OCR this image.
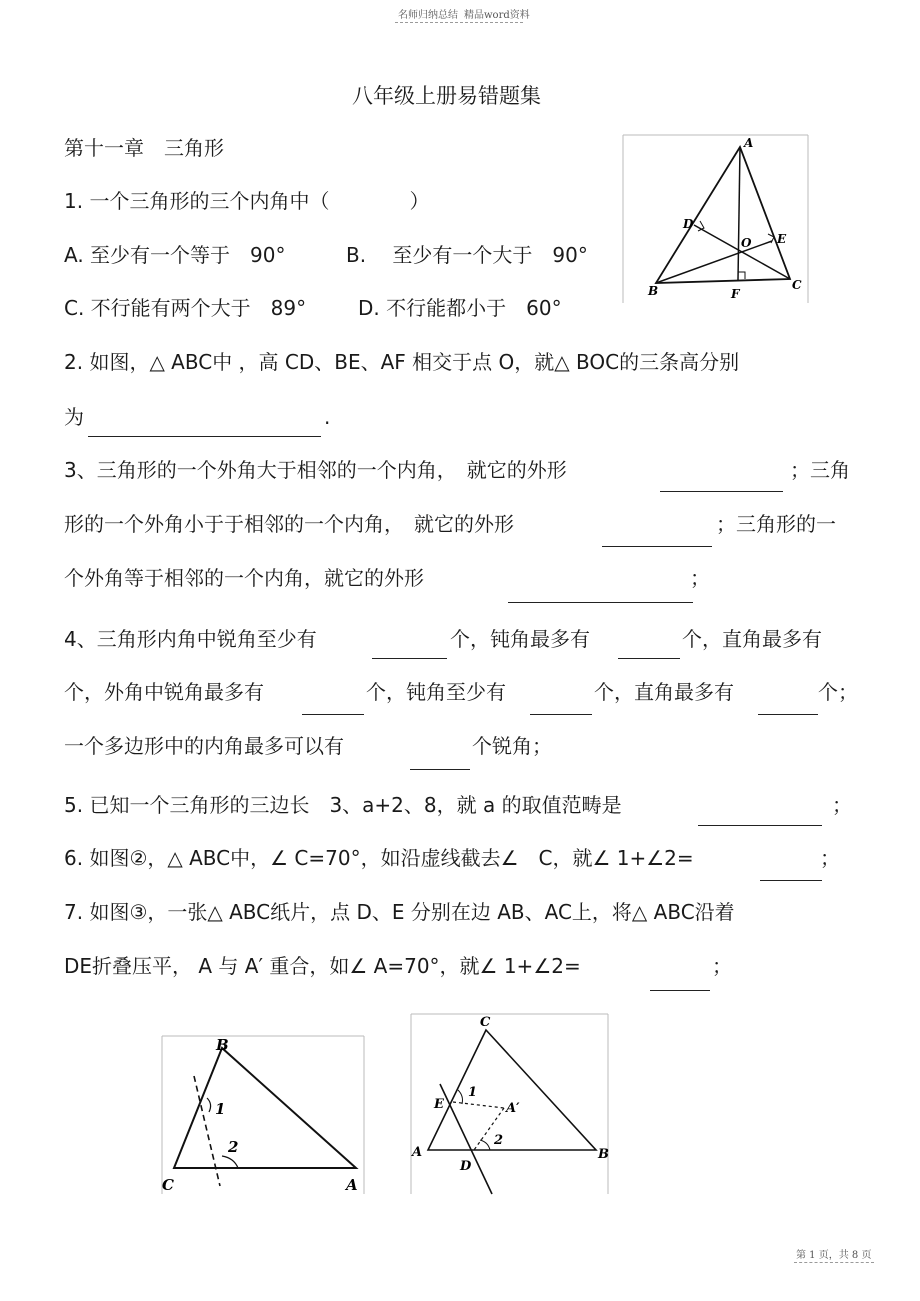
名师归纳总结 精品word资料
八年级上册易错题集
第十一章　三角形
1. 一个三角形的三个内角中（　　　　）
A. 至少有一个等于　90°	B.　 至少有一个大于　90°
C. 不行能有两个大于　89°	D. 不行能都小于　60°
A
B	C
D
E
F
O
2. 如图，△ ABC中 ，高 CD、BE、AF 相交于点 O，就△ BOC的三条高分别
为	.
3、三角形的一个外角大于相邻的一个内角，　就它的外形	；三角
形的一个外角小于于相邻的一个内角，　就它的外形	；三角形的一
个外角等于相邻的一个内角，就它的外形	；
4、三角形内角中锐角至少有	个，钝角最多有	个，直角最多有
个，外角中锐角最多有	个，钝角至少有	个，直角最多有	个；
一个多边形中的内角最多可以有	个锐角；
5. 已知一个三角形的三边长　3、a+2、8，就 a 的取值范畴是	；
6. 如图②，△ ABC中，∠ C=70°，如沿虚线截去∠　C，就∠ 1+∠2=	；
7. 如图③，一张△ ABC纸片，点 D、E 分别在边 AB、AC上，将△ ABC沿着
DE折叠压平， A 与 A′ 重合，如∠ A=70°，就∠ 1+∠2=	；
B
C	A
1
2
C
E	A′
A	B
D
1
2
第 1 页，共 8 页
